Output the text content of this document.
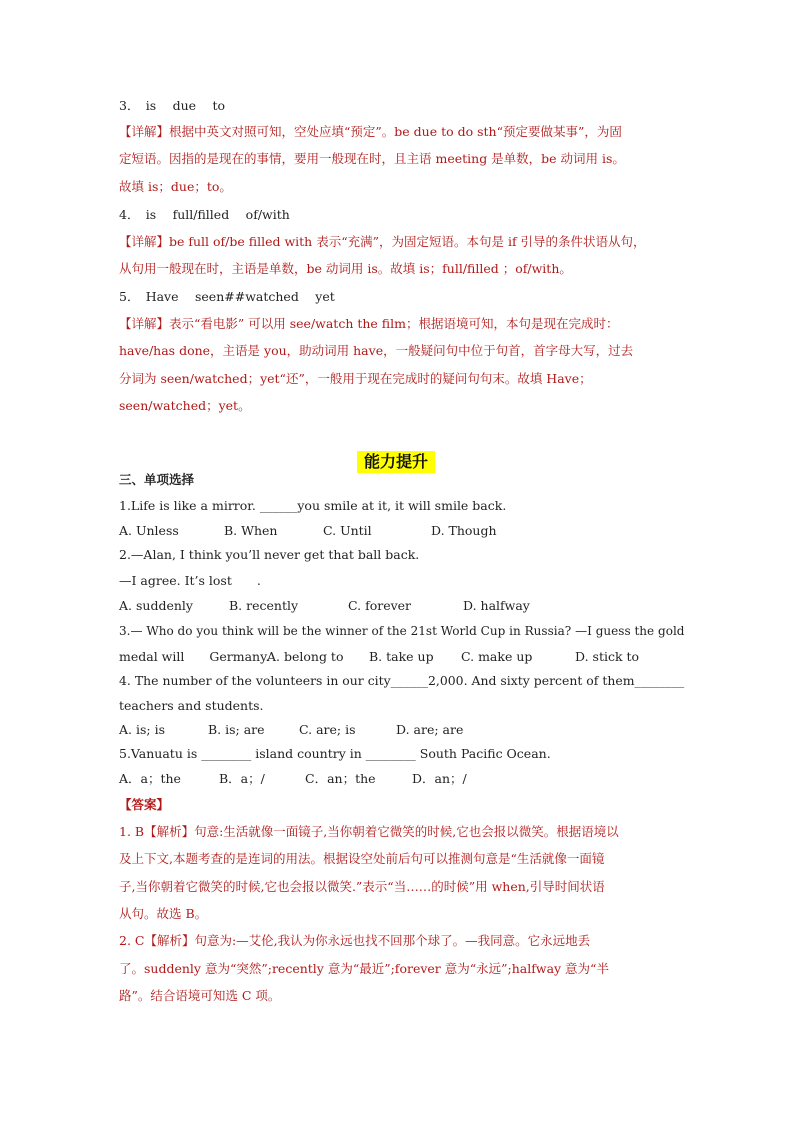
3．　is　 due　 to
【详解】根据中英文对照可知，空处应填“预定”。be due to do sth“预定要做某事”，为固
定短语。因指的是现在的事情，要用一般现在时，且主语 meeting 是单数，be 动词用 is。
故填 is；due；to。
4．　is　 full/filled　 of/with
【详解】be full of/be filled with 表示“充满”，为固定短语。本句是 if 引导的条件状语从句，
从句用一般现在时，主语是单数，be 动词用 is。故填 is；full/filled ；of/with。
5．　Have　 seen##watched　 yet
【详解】表示“看电影” 可以用 see/watch the film；根据语境可知，本句是现在完成时：
have/has done，主语是 you，助动词用 have，一般疑问句中位于句首，首字母大写，过去
分词为 seen/watched；yet“还”，一般用于现在完成时的疑问句句末。故填 Have；
seen/watched；yet。
能力提升
三、单项选择
1.Life is like a mirror. ______you smile at it, it will smile back.
A. Unless	B. When	C. Until	D. Though
2.—Alan, I think you’ll never get that ball back.
—I agree. It’s lost　　.
A. suddenly	B. recently	C. forever	D. halfway
3.— Who do you think will be the winner of the 21st World Cup in Russia? —I guess the gold
medal will　　Germany.
A. belong to B. take up C. make up	D. stick to
4. The number of the volunteers in our city______2,000. And sixty percent of them________
teachers and students.
A. is; is	B. is; are	C. are; is	D. are; are
5.Vanuatu is ________ island country in ________ South Pacific Ocean.
A．a；the	B．a；/	C．an；the	D．an；/
【答案】
1. B【解析】句意:生活就像一面镜子,当你朝着它微笑的时候,它也会报以微笑。根据语境以
及上下文,本题考查的是连词的用法。根据设空处前后句可以推测句意是“生活就像一面镜
子,当你朝着它微笑的时候,它也会报以微笑.”表示“当……的时候”用 when,引导时间状语
从句。故选 B。
2. C【解析】句意为:—艾伦,我认为你永远也找不回那个球了。—我同意。它永远地丢
了。suddenly 意为“突然”;recently 意为“最近”;forever 意为“永远”;halfway 意为“半
路”。结合语境可知选 C 项。
